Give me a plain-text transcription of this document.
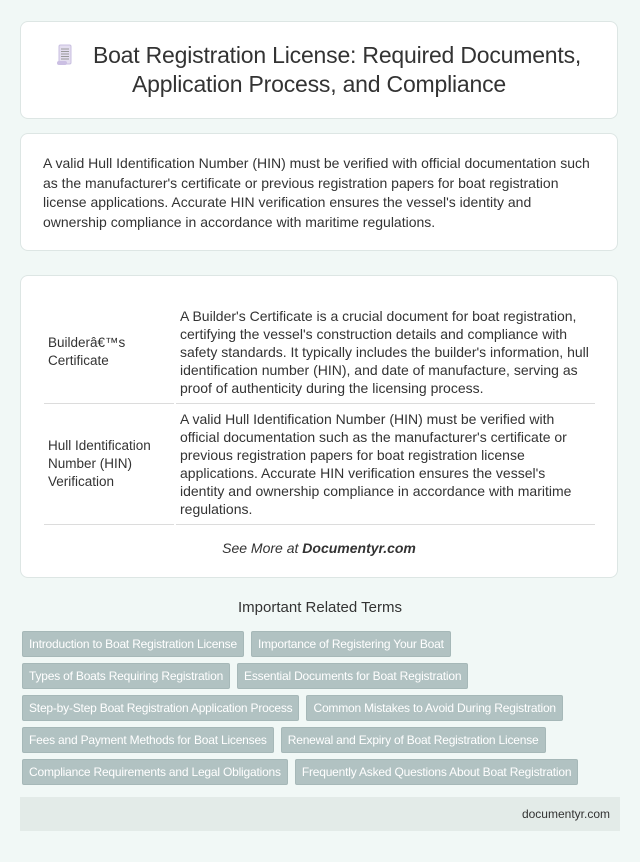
Boat Registration License: Required Documents, Application Process, and Compliance

A valid Hull Identification Number (HIN) must be verified with official documentation such as the manufacturer's certificate or previous registration papers for boat registration license applications. Accurate HIN verification ensures the vessel's identity and ownership compliance in accordance with maritime regulations.

Builderâ€™s Certificate	A Builder's Certificate is a crucial document for boat registration, certifying the vessel's construction details and compliance with safety standards. It typically includes the builder's information, hull identification number (HIN), and date of manufacture, serving as proof of authenticity during the licensing process.
Hull Identification Number (HIN) Verification	A valid Hull Identification Number (HIN) must be verified with official documentation such as the manufacturer's certificate or previous registration papers for boat registration license applications. Accurate HIN verification ensures the vessel's identity and ownership compliance in accordance with maritime regulations.
See More at Documentyr.com
Important Related Terms
Introduction to Boat Registration License	Importance of Registering Your Boat
Types of Boats Requiring Registration	Essential Documents for Boat Registration
Step-by-Step Boat Registration Application Process	Common Mistakes to Avoid During Registration
Fees and Payment Methods for Boat Licenses	Renewal and Expiry of Boat Registration License
Compliance Requirements and Legal Obligations	Frequently Asked Questions About Boat Registration
documentyr.com
